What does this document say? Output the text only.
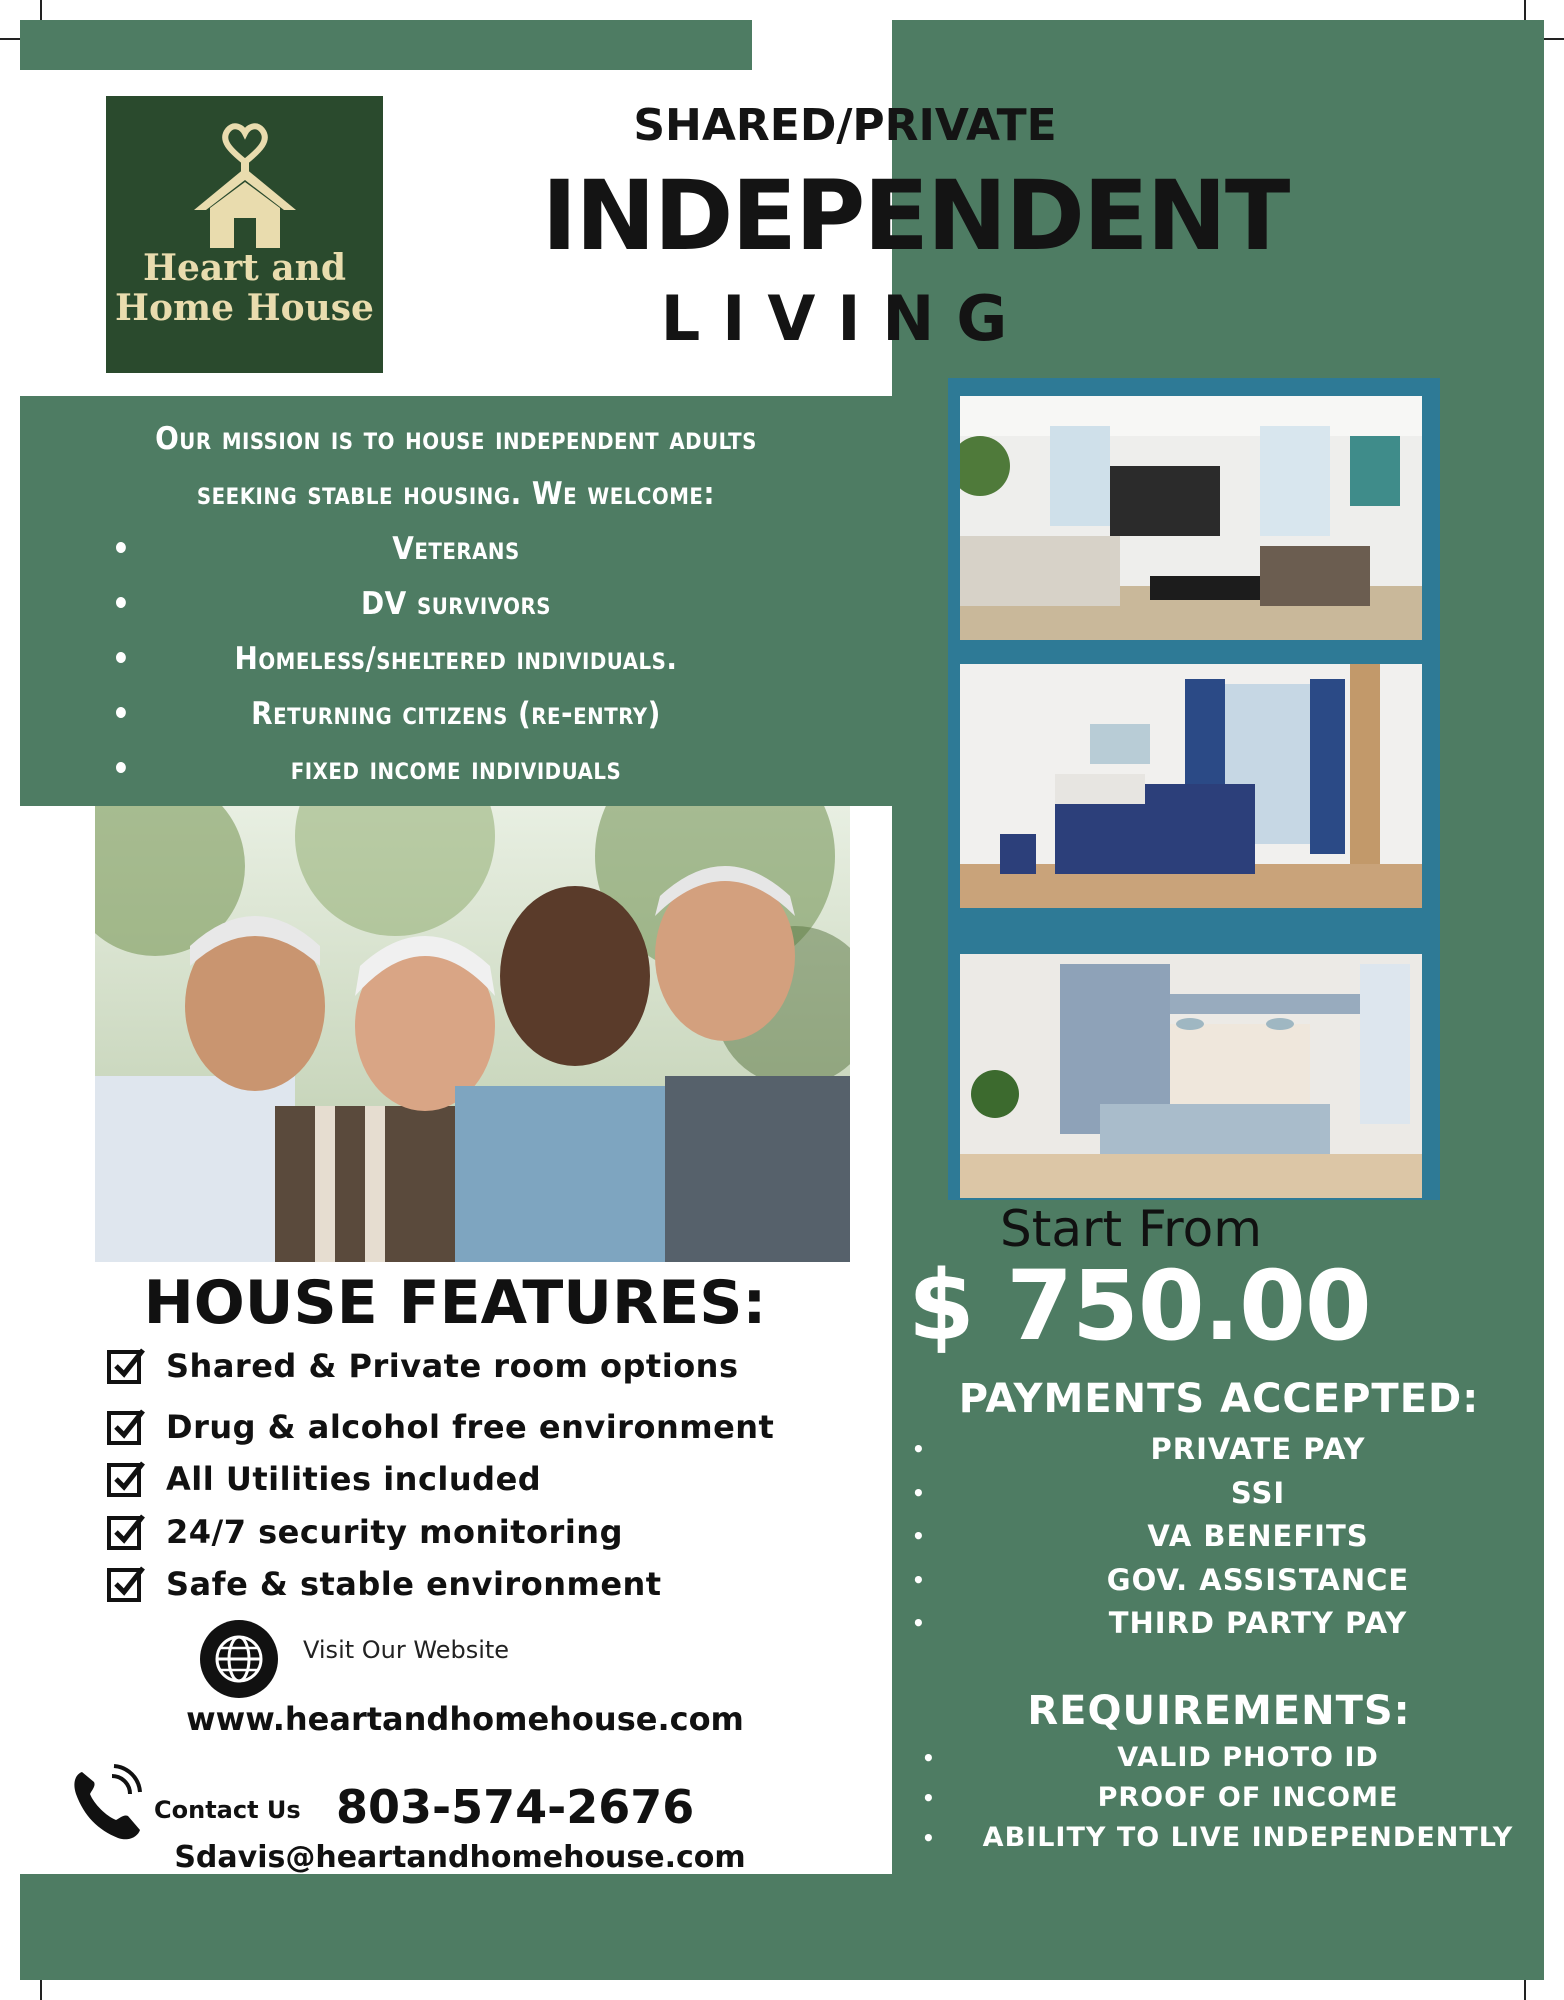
Heart and
Home House
SHARED/PRIVATE
INDEPENDENT
LIVING
Our mission is to house independent adults
seeking stable housing. We welcome:
• Veterans
• DV survivors
• Homeless/sheltered individuals.
• Returning citizens (re-entry)
• fixed income individuals
HOUSE FEATURES:
Shared & Private room options
Drug & alcohol free environment
All Utilities included
24/7 security monitoring
Safe & stable environment
Visit Our Website
www.heartandhomehouse.com
Contact Us 803-574-2676
Sdavis@heartandhomehouse.com
Start From
$ 750.00
PAYMENTS ACCEPTED:
• PRIVATE PAY
• SSI
• VA BENEFITS
• GOV. ASSISTANCE
• THIRD PARTY PAY
REQUIREMENTS:
• VALID PHOTO ID
• PROOF OF INCOME
• ABILITY TO LIVE INDEPENDENTLY
